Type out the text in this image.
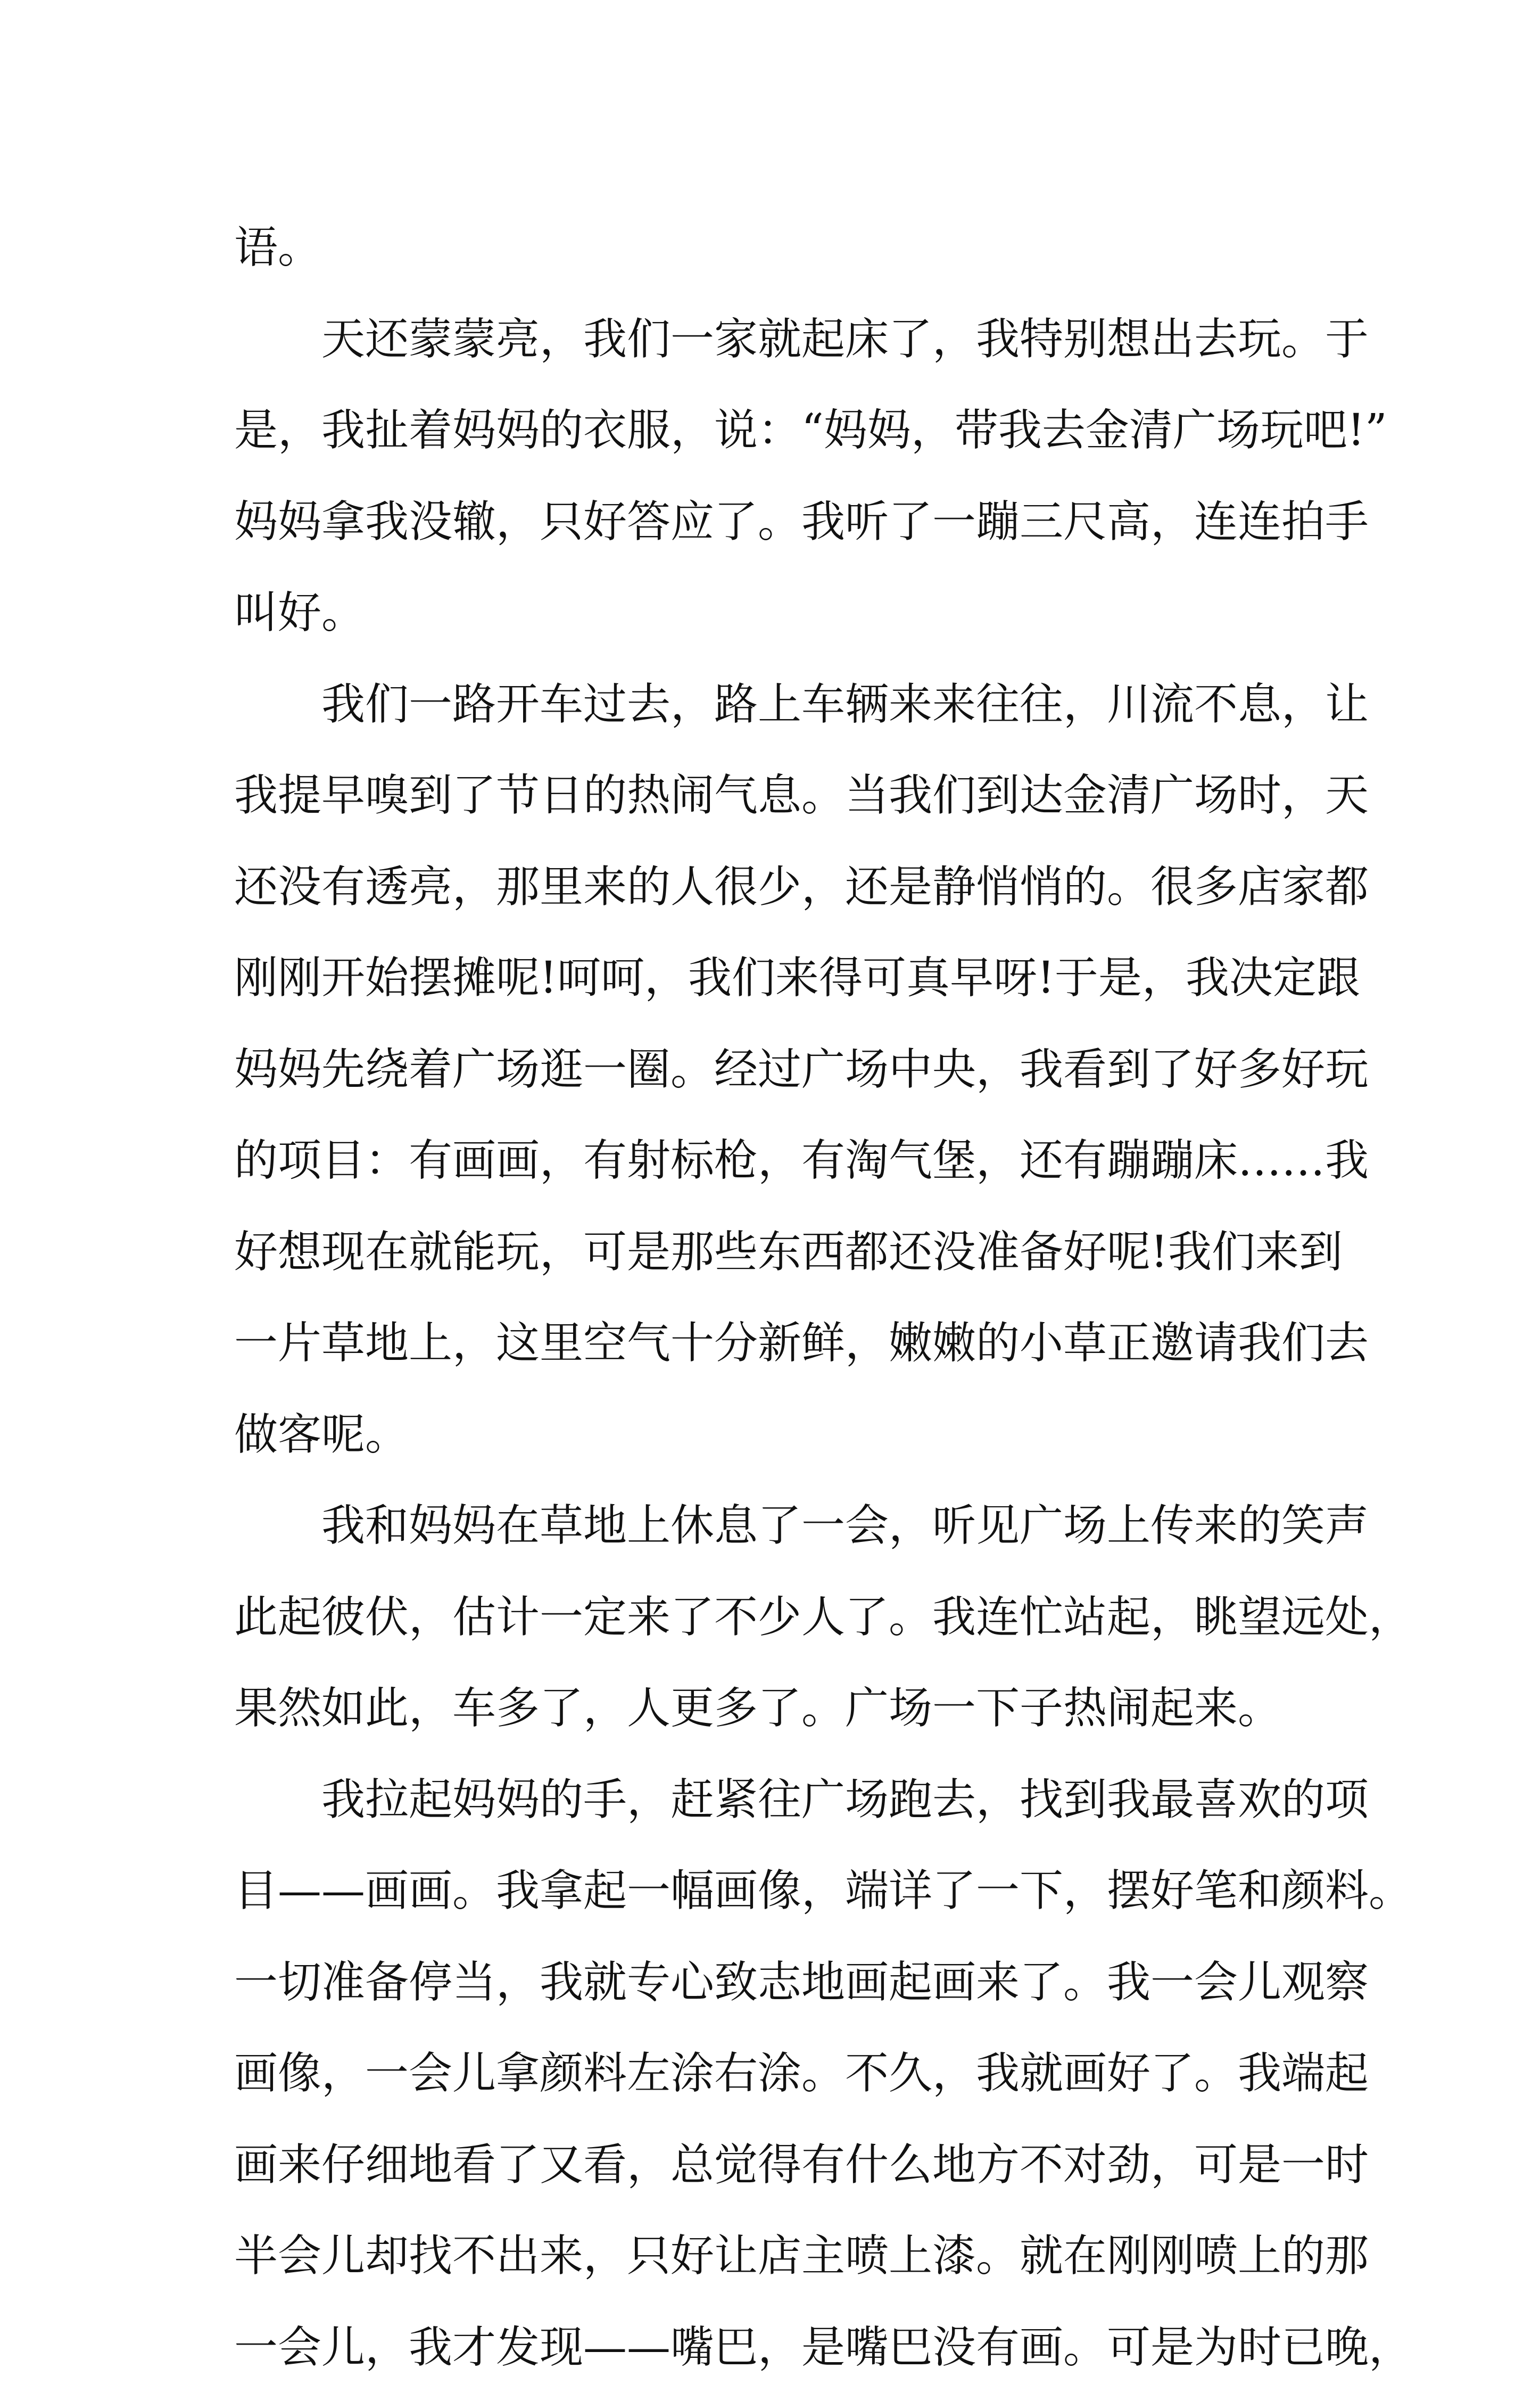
语。
　　天还蒙蒙亮，我们一家就起床了，我特别想出去玩。于
是，我扯着妈妈的衣服，说：“妈妈，带我去金清广场玩吧!”
妈妈拿我没辙，只好答应了。我听了一蹦三尺高，连连拍手
叫好。
　　我们一路开车过去，路上车辆来来往往，川流不息，让
我提早嗅到了节日的热闹气息。当我们到达金清广场时，天
还没有透亮，那里来的人很少，还是静悄悄的。很多店家都
刚刚开始摆摊呢!呵呵，我们来得可真早呀!于是，我决定跟
妈妈先绕着广场逛一圈。经过广场中央，我看到了好多好玩
的项目：有画画，有射标枪，有淘气堡，还有蹦蹦床……我
好想现在就能玩，可是那些东西都还没准备好呢!我们来到
一片草地上，这里空气十分新鲜，嫩嫩的小草正邀请我们去
做客呢。
　　我和妈妈在草地上休息了一会，听见广场上传来的笑声
此起彼伏，估计一定来了不少人了。我连忙站起，眺望远处，
果然如此，车多了，人更多了。广场一下子热闹起来。
　　我拉起妈妈的手，赶紧往广场跑去，找到我最喜欢的项
目——画画。我拿起一幅画像，端详了一下，摆好笔和颜料。
一切准备停当，我就专心致志地画起画来了。我一会儿观察
画像，一会儿拿颜料左涂右涂。不久，我就画好了。我端起
画来仔细地看了又看，总觉得有什么地方不对劲，可是一时
半会儿却找不出来，只好让店主喷上漆。就在刚刚喷上的那
一会儿，我才发现——嘴巴，是嘴巴没有画。可是为时已晚，
